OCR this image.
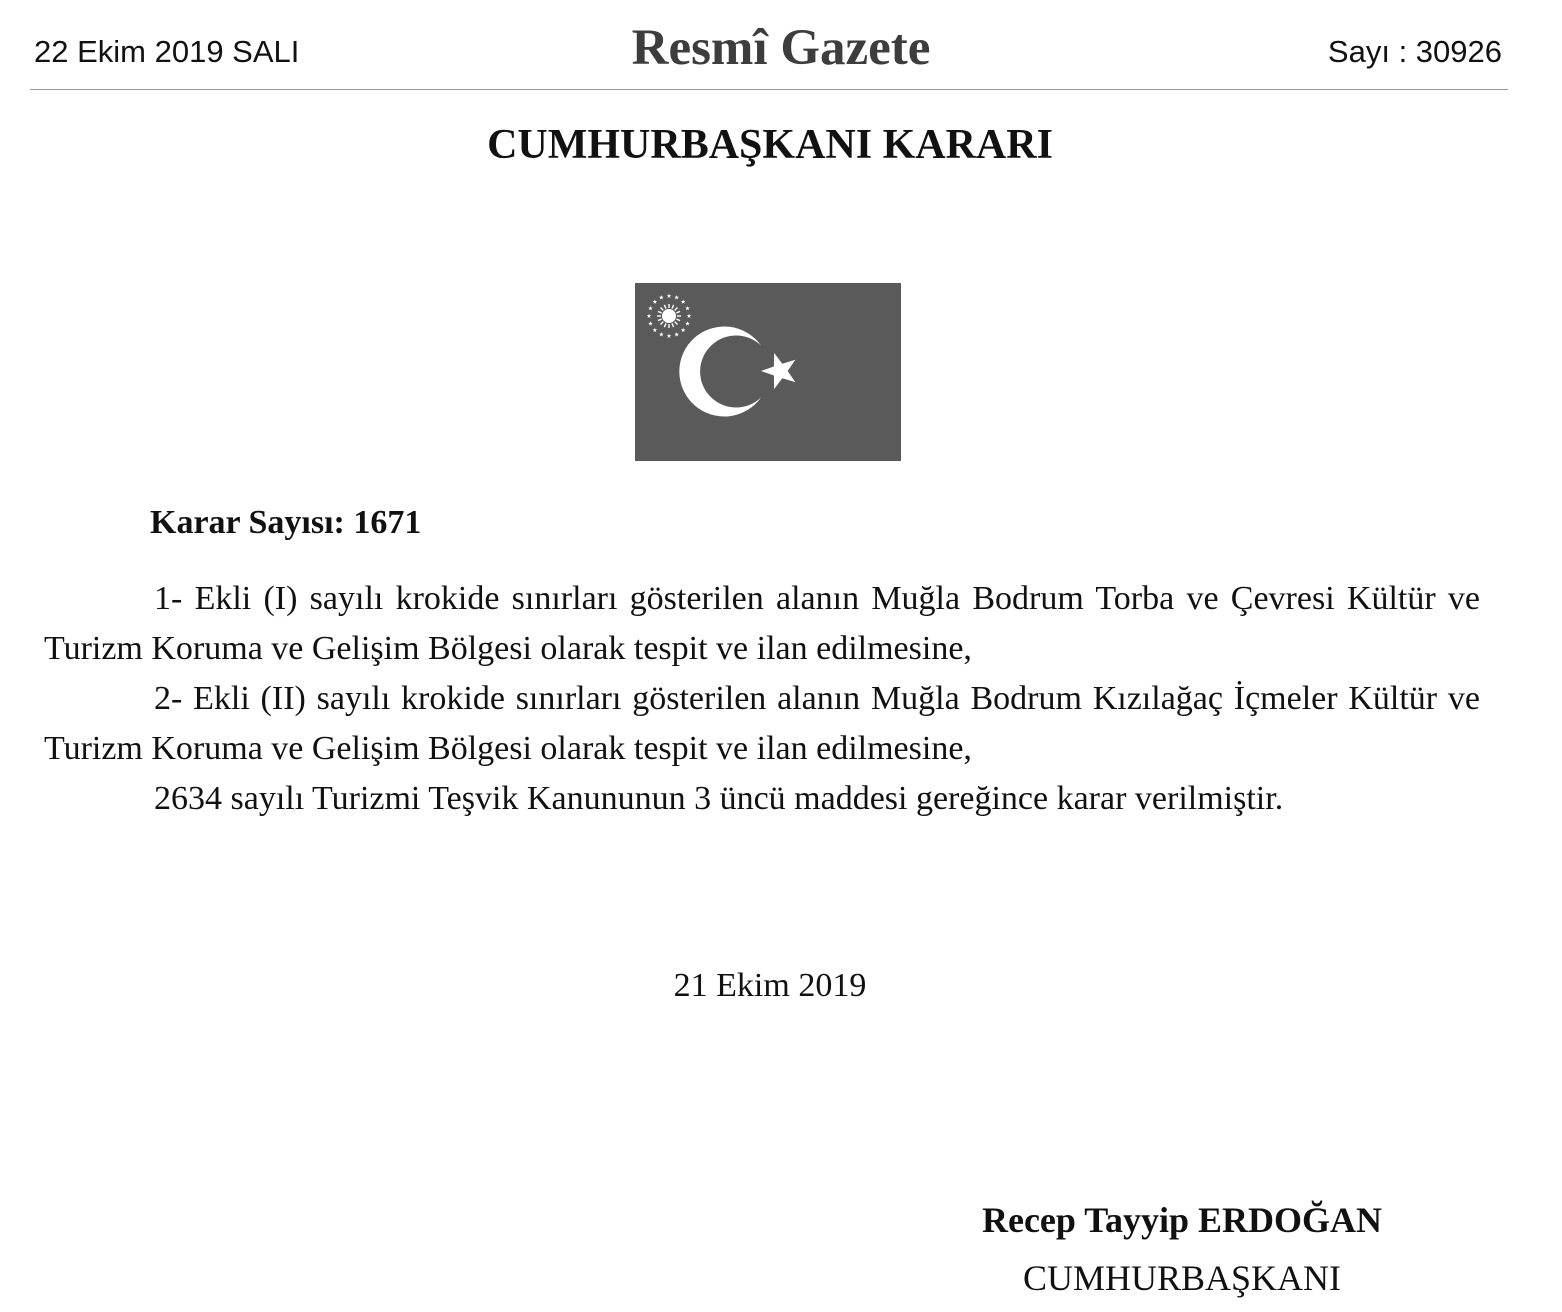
22 Ekim 2019 SALI	Resmî Gazete	Sayı : 30926
CUMHURBAŞKANI KARARI
Karar Sayısı: 1671

1- Ekli (I) sayılı krokide sınırları gösterilen alanın Muğla Bodrum Torba ve Çevresi Kültür ve Turizm Koruma ve Gelişim Bölgesi olarak tespit ve ilan edilmesine,

2- Ekli (II) sayılı krokide sınırları gösterilen alanın Muğla Bodrum Kızılağaç İçmeler Kültür ve Turizm Koruma ve Gelişim Bölgesi olarak tespit ve ilan edilmesine,

2634 sayılı Turizmi Teşvik Kanununun 3 üncü maddesi gereğince karar verilmiştir.

21 Ekim 2019
Recep Tayyip ERDOĞAN
CUMHURBAŞKANI
